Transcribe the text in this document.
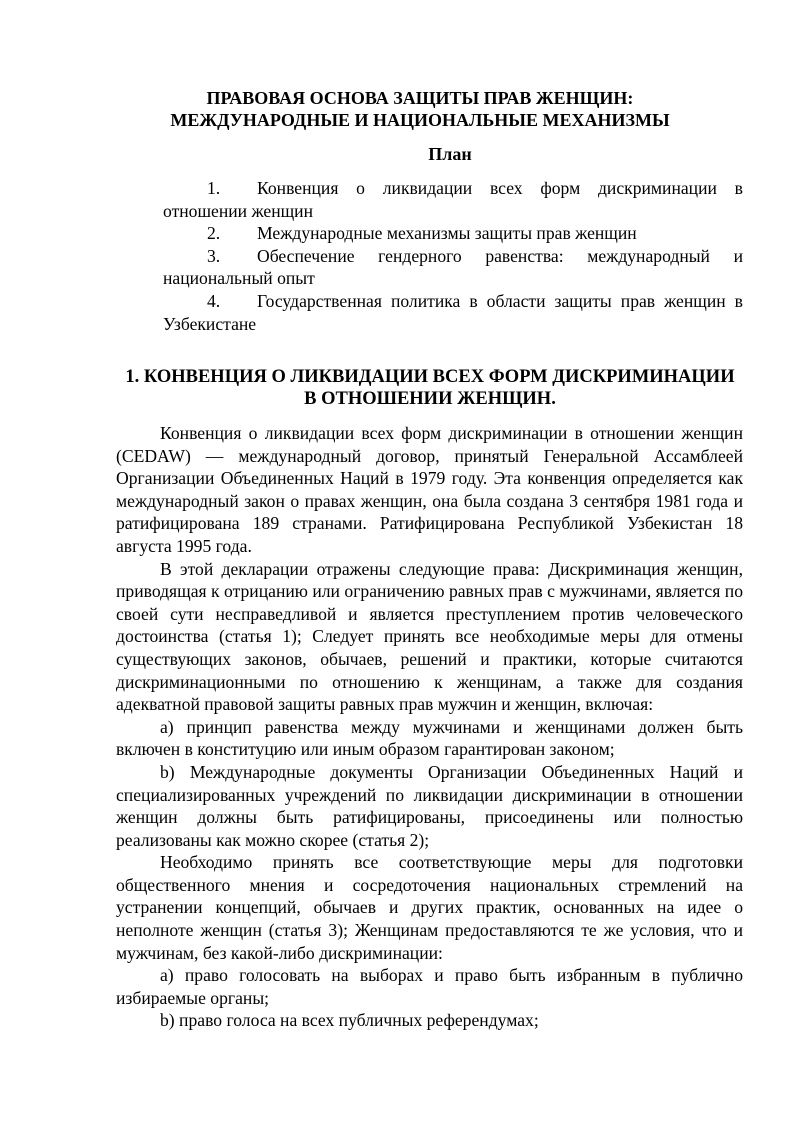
ПРАВОВАЯ ОСНОВА ЗАЩИТЫ ПРАВ ЖЕНЩИН:
МЕЖДУНАРОДНЫЕ И НАЦИОНАЛЬНЫЕ МЕХАНИЗМЫ
План
1. Конвенция о ликвидации всех форм дискриминации в отношении женщин
2. Международные механизмы защиты прав женщин
3. Обеспечение гендерного равенства: международный и национальный опыт
4. Государственная политика в области защиты прав женщин в Узбекистане
1. КОНВЕНЦИЯ О ЛИКВИДАЦИИ ВСЕХ ФОРМ ДИСКРИМИНАЦИИ
В ОТНОШЕНИИ ЖЕНЩИН.

Конвенция о ликвидации всех форм дискриминации в отношении женщин (CEDAW) — международный договор, принятый Генеральной Ассамблеей Организации Объединенных Наций в 1979 году. Эта конвенция определяется как международный закон о правах женщин, она была создана 3 сентября 1981 года и ратифицирована 189 странами. Ратифицирована Республикой Узбекистан 18 августа 1995 года.

В этой декларации отражены следующие права: Дискриминация женщин, приводящая к отрицанию или ограничению равных прав с мужчинами, является по своей сути несправедливой и является преступлением против человеческого достоинства (статья 1); Следует принять все необходимые меры для отмены существующих законов, обычаев, решений и практики, которые считаются дискриминационными по отношению к женщинам, а также для создания адекватной правовой защиты равных прав мужчин и женщин, включая:

а) принцип равенства между мужчинами и женщинами должен быть включен в конституцию или иным образом гарантирован законом;

b) Международные документы Организации Объединенных Наций и специализированных учреждений по ликвидации дискриминации в отношении женщин должны быть ратифицированы, присоединены или полностью реализованы как можно скорее (статья 2);

Необходимо принять все соответствующие меры для подготовки общественного мнения и сосредоточения национальных стремлений на устранении концепций, обычаев и других практик, основанных на идее о неполноте женщин (статья 3); Женщинам предоставляются те же условия, что и мужчинам, без какой-либо дискриминации:

а) право голосовать на выборах и право быть избранным в публично избираемые органы;

b) право голоса на всех публичных референдумах;
